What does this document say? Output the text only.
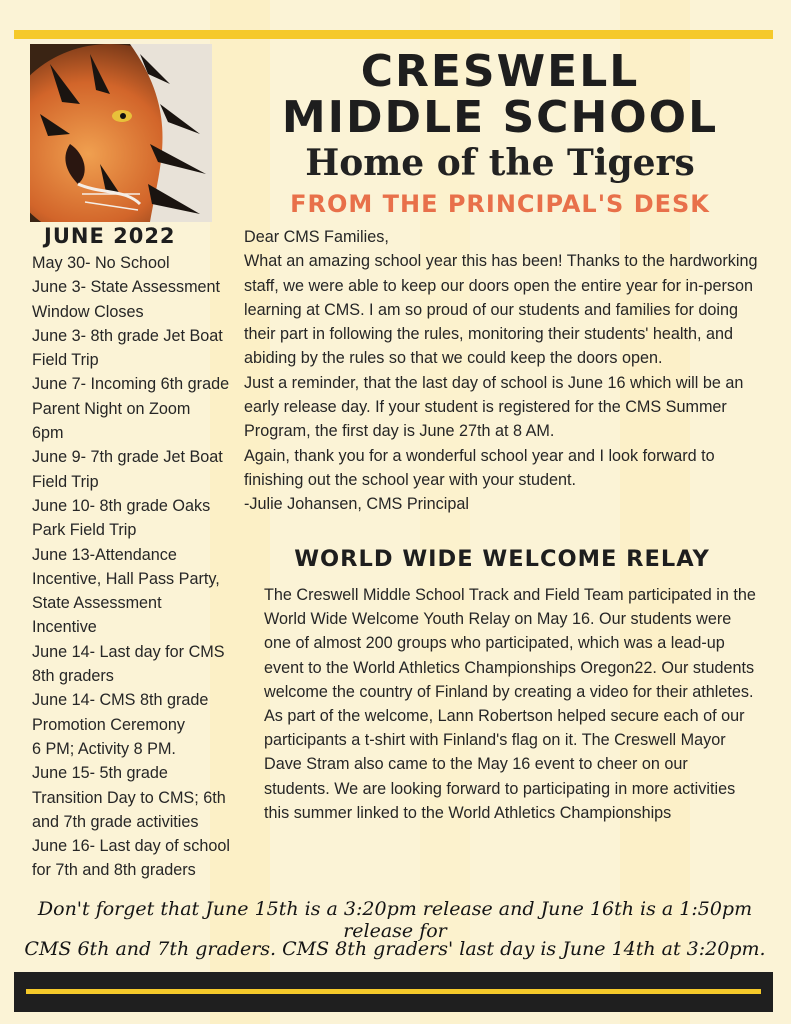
CRESWELL
MIDDLE SCHOOL
Home of the Tigers
FROM THE PRINCIPAL'S DESK
JUNE 2022
May 30- No School
June 3- State Assessment
Window Closes
June 3- 8th grade Jet Boat
Field Trip
June 7- Incoming 6th grade
Parent Night on Zoom
6pm
June 9- 7th grade Jet Boat
Field Trip
June 10- 8th grade Oaks
Park Field Trip
June 13-Attendance
Incentive, Hall Pass Party,
State Assessment
Incentive
June 14- Last day for CMS
8th graders
June 14- CMS 8th grade
Promotion Ceremony
6 PM; Activity 8 PM.
June 15- 5th grade
Transition Day to CMS; 6th
and 7th grade activities
June 16- Last day of school
for 7th and 8th graders

Dear CMS Families,

What an amazing school year this has been! Thanks to the hardworking staff, we were able to keep our doors open the entire year for in-person learning at CMS. I am so proud of our students and families for doing their part in following the rules, monitoring their students' health, and abiding by the rules so that we could keep the doors open.

Just a reminder, that the last day of school is June 16 which will be an early release day. If your student is registered for the CMS Summer Program, the first day is June 27th at 8 AM.

Again, thank you for a wonderful school year and I look forward to finishing out the school year with your student.

-Julie Johansen, CMS Principal

WORLD WIDE WELCOME RELAY
The Creswell Middle School Track and Field Team participated in the World Wide Welcome Youth Relay on May 16. Our students were one of almost 200 groups who participated, which was a lead-up event to the World Athletics Championships Oregon22. Our students welcome the country of Finland by creating a video for their athletes. As part of the welcome, Lann Robertson helped secure each of our participants a t-shirt with Finland's flag on it. The Creswell Mayor Dave Stram also came to the May 16 event to cheer on our students. We are looking forward to participating in more activities this summer linked to the World Athletics Championships
Don't forget that June 15th is a 3:20pm release and June 16th is a 1:50pm release for
CMS 6th and 7th graders. CMS 8th graders' last day is June 14th at 3:20pm.
